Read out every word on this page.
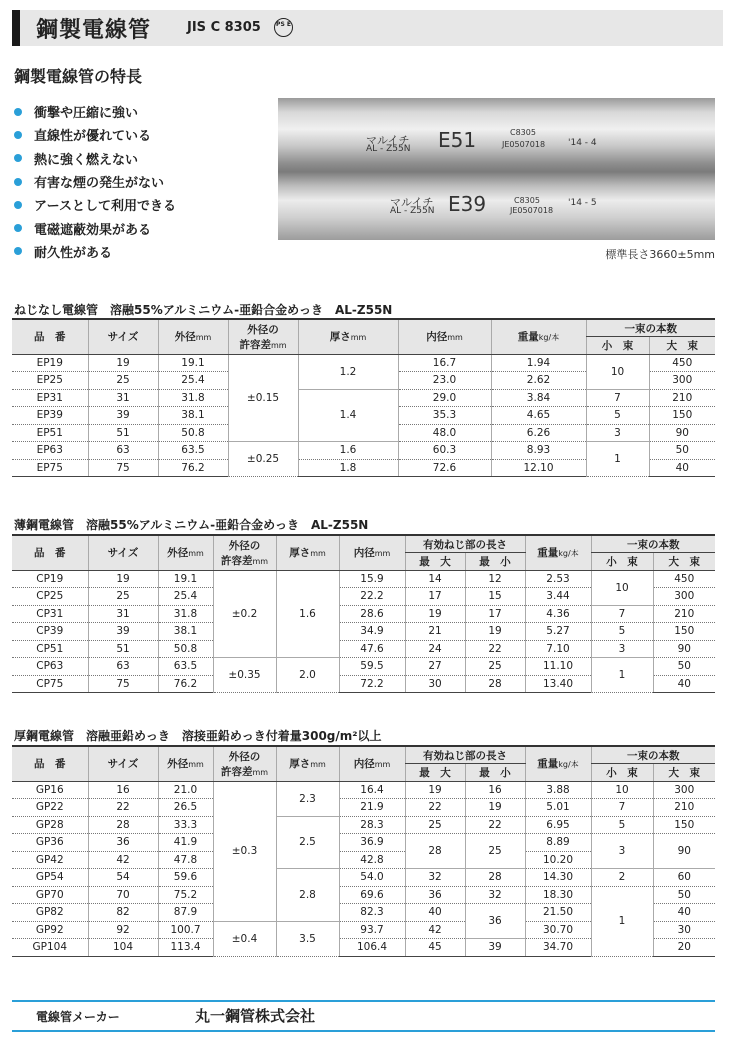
鋼製電線管	JIS C 8305	PS E
鋼製電線管の特長
衝撃や圧縮に強い
直線性が優れている
熱に強く燃えない
有害な煙の発生がない
アースとして利用できる
電磁遮蔽効果がある
耐久性がある
マルイチ
AL - Z55N E51	C8305
JE0507018	'14 - 4
マルイチ
AL - Z55N E39	C8305
JE0507018
'14 - 5
標準長さ3660±5mm
ねじなし電線管　溶融55%アルミニウム-亜鉛合金めっき　AL-Z55N
品　番	サイズ	外径mm	外径の
許容差mm	厚さmm	内径mm	重量kg/本	一束の本数	
							小　束	大　束
EP19	19	19.1	±0.15	1.2	16.7	1.94	10	450
EP25	25	25.4			23.0	2.62		300
EP31	31	31.8		1.4	29.0	3.84	7	210
EP39	39	38.1			35.3	4.65	5	150
EP51	51	50.8			48.0	6.26	3	90
EP63	63	63.5	±0.25	1.6	60.3	8.93	1	50
EP75	75	76.2		1.8	72.6	12.10		40
薄鋼電線管　溶融55%アルミニウム-亜鉛合金めっき　AL-Z55N
品　番	サイズ	外径mm	外径の
許容差mm	厚さmm	内径mm	有効ねじ部の長さ		重量kg/本	一束の本数	
						最　大	最　小		小　束	大　束
CP19	19	19.1	±0.2	1.6	15.9	14	12	2.53	10	450
CP25	25	25.4			22.2	17	15	3.44		300
CP31	31	31.8			28.6	19	17	4.36	7	210
CP39	39	38.1			34.9	21	19	5.27	5	150
CP51	51	50.8			47.6	24	22	7.10	3	90
CP63	63	63.5	±0.35	2.0	59.5	27	25	11.10	1	50
CP75	75	76.2			72.2	30	28	13.40		40
厚鋼電線管　溶融亜鉛めっき　溶接亜鉛めっき付着量300g/m²以上
品　番	サイズ	外径mm	外径の
許容差mm	厚さmm	内径mm	有効ねじ部の長さ		重量kg/本	一束の本数	
						最　大	最　小		小　束	大　束
GP16	16	21.0	±0.3	2.3	16.4	19	16	3.88	10	300
GP22	22	26.5			21.9	22	19	5.01	7	210
GP28	28	33.3		2.5	28.3	25	22	6.95	5	150
GP36	36	41.9			36.9	28	25	8.89	3	90
GP42	42	47.8			42.8			10.20		
GP54	54	59.6		2.8	54.0	32	28	14.30	2	60
GP70	70	75.2			69.6	36	32	18.30	1	50
GP82	82	87.9			82.3	40	36	21.50		40
GP92	92	100.7	±0.4	3.5	93.7	42		30.70		30
GP104	104	113.4			106.4	45	39	34.70		20
電線管メーカー	丸一鋼管株式会社
